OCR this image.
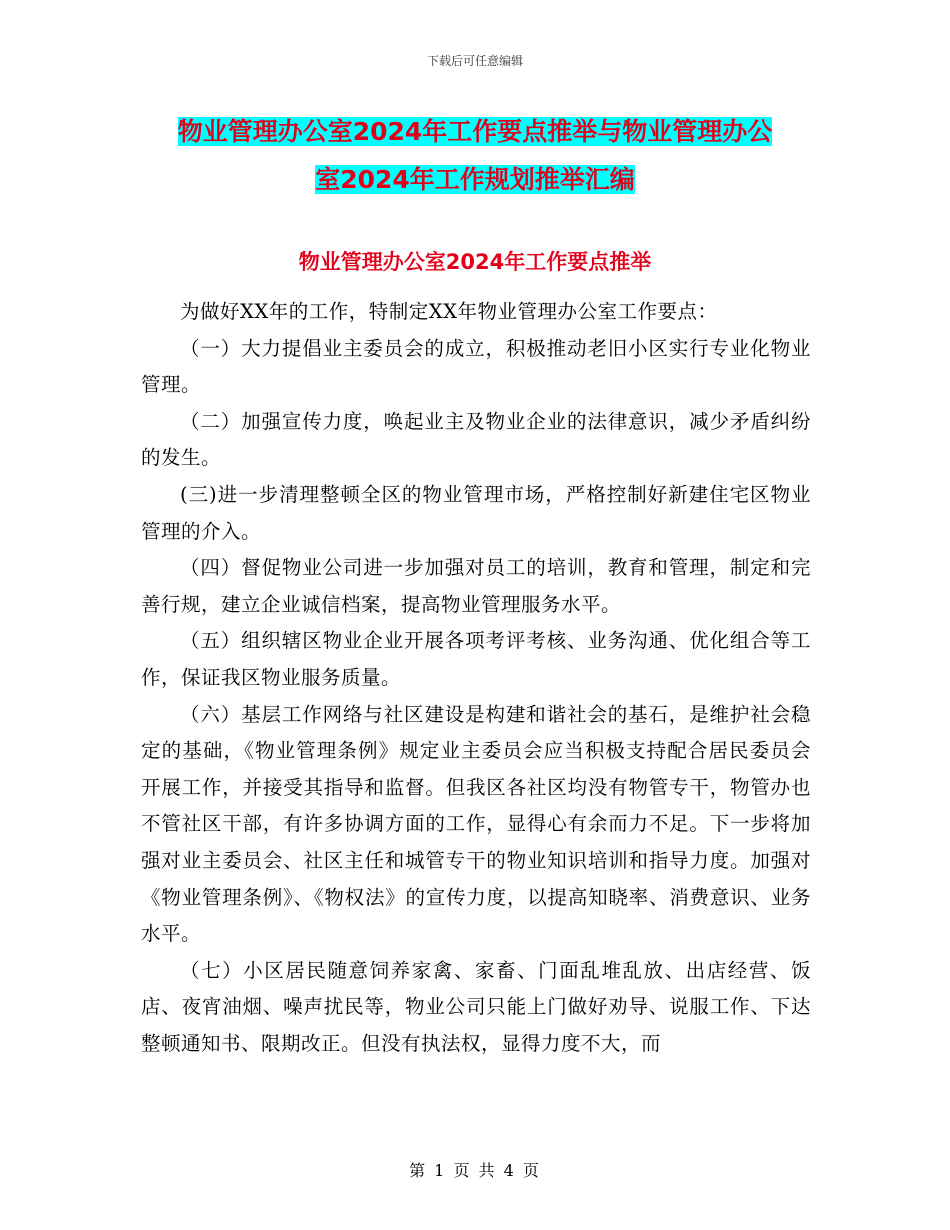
下载后可任意编辑
物业管理办公室2024年工作要点推举与物业管理办公
室2024年工作规划推举汇编
物业管理办公室2024年工作要点推举

为做好XX年的工作，特制定XX年物业管理办公室工作要点：

（一）大力提倡业主委员会的成立，积极推动老旧小区实行专业化物业管理。

（二）加强宣传力度，唤起业主及物业企业的法律意识，减少矛盾纠纷的发生。

(三)进一步清理整顿全区的物业管理市场，严格控制好新建住宅区物业管理的介入。

（四）督促物业公司进一步加强对员工的培训，教育和管理，制定和完善行规，建立企业诚信档案，提高物业管理服务水平。

（五）组织辖区物业企业开展各项考评考核、业务沟通、优化组合等工作，保证我区物业服务质量。

（六）基层工作网络与社区建设是构建和谐社会的基石，是维护社会稳定的基础，《物业管理条例》规定业主委员会应当积极支持配合居民委员会开展工作，并接受其指导和监督。但我区各社区均没有物管专干，物管办也不管社区干部，有许多协调方面的工作，显得心有余而力不足。下一步将加强对业主委员会、社区主任和城管专干的物业知识培训和指导力度。加强对《物业管理条例》、《物权法》的宣传力度，以提高知晓率、消费意识、业务水平。

（七）小区居民随意饲养家禽、家畜、门面乱堆乱放、出店经营、饭店、夜宵油烟、噪声扰民等，物业公司只能上门做好劝导、说服工作、下达整顿通知书、限期改正。但没有执法权，显得力度不大，而

第 1 页 共 4 页
